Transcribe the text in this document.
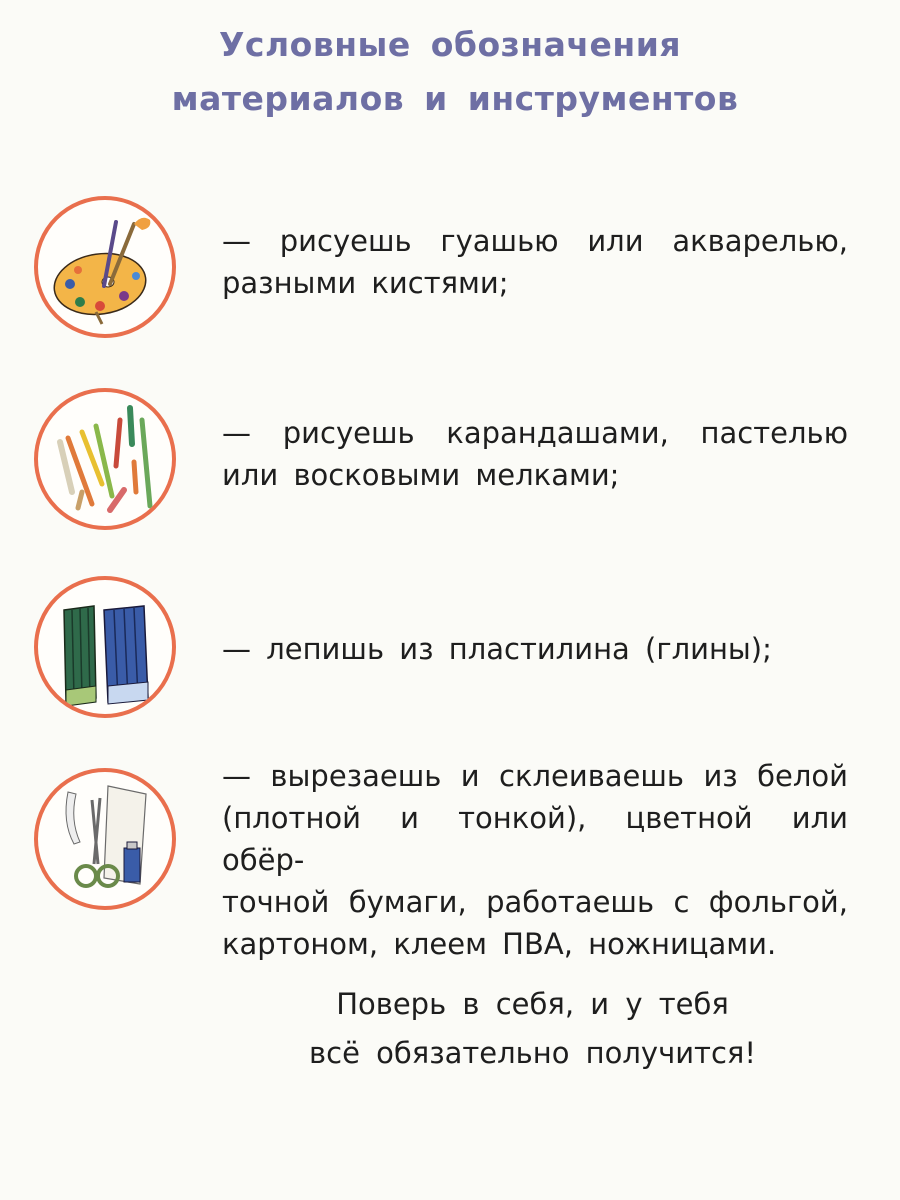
Условные обозначения
материалов и инструментов
— рисуешь гуашью или акварелью,
разными кистями;
— рисуешь карандашами, пастелью
или восковыми мелками;
— лепишь из пластилина (глины);
— вырезаешь и склеиваешь из белой
(плотной и тонкой), цветной или обёр-
точной бумаги, работаешь с фольгой,
картоном, клеем ПВА, ножницами.
Поверь в себя, и у тебя
всё обязательно получится!
